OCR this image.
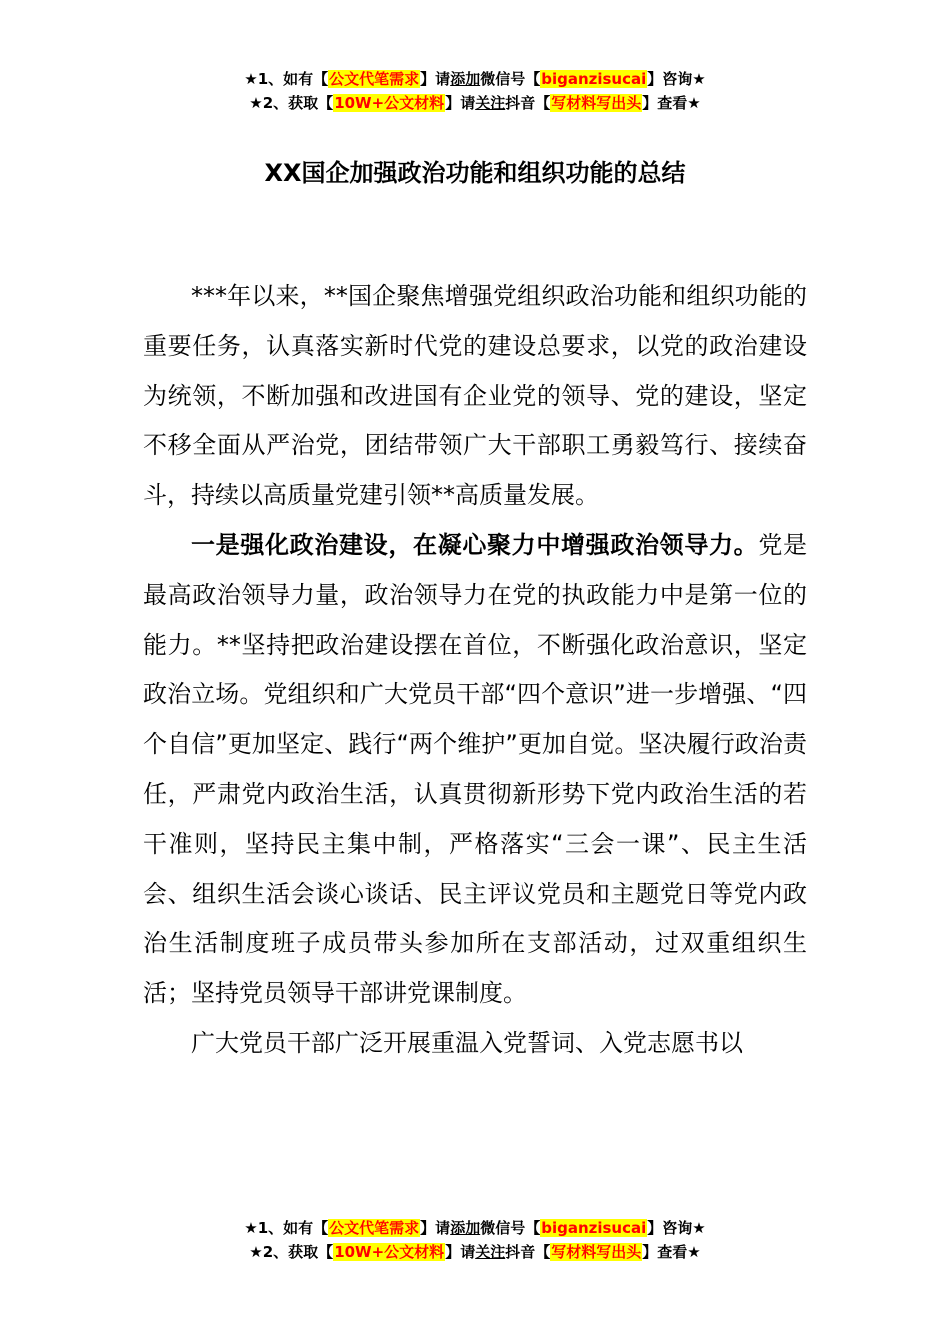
★1、如有【公文代笔需求】请添加微信号【biganzisucai】咨询★
★2、获取【10W+公文材料】请关注抖音【写材料写出头】查看★
XX国企加强政治功能和组织功能的总结

***年以来，**国企聚焦增强党组织政治功能和组织功能的重要任务，认真落实新时代党的建设总要求，以党的政治建设为统领，不断加强和改进国有企业党的领导、党的建设，坚定不移全面从严治党，团结带领广大干部职工勇毅笃行、接续奋斗，持续以高质量党建引领**高质量发展。

一是强化政治建设，在凝心聚力中增强政治领导力。党是最高政治领导力量，政治领导力在党的执政能力中是第一位的能力。**坚持把政治建设摆在首位，不断强化政治意识，坚定政治立场。党组织和广大党员干部“四个意识”进一步增强、“四个自信”更加坚定、践行“两个维护”更加自觉。坚决履行政治责任，严肃党内政治生活，认真贯彻新形势下党内政治生活的若干准则，坚持民主集中制，严格落实“三会一课”、民主生活会、组织生活会谈心谈话、民主评议党员和主题党日等党内政治生活制度班子成员带头参加所在支部活动，过双重组织生活；坚持党员领导干部讲党课制度。

广大党员干部广泛开展重温入党誓词、入党志愿书以

★1、如有【公文代笔需求】请添加微信号【biganzisucai】咨询★
★2、获取【10W+公文材料】请关注抖音【写材料写出头】查看★
